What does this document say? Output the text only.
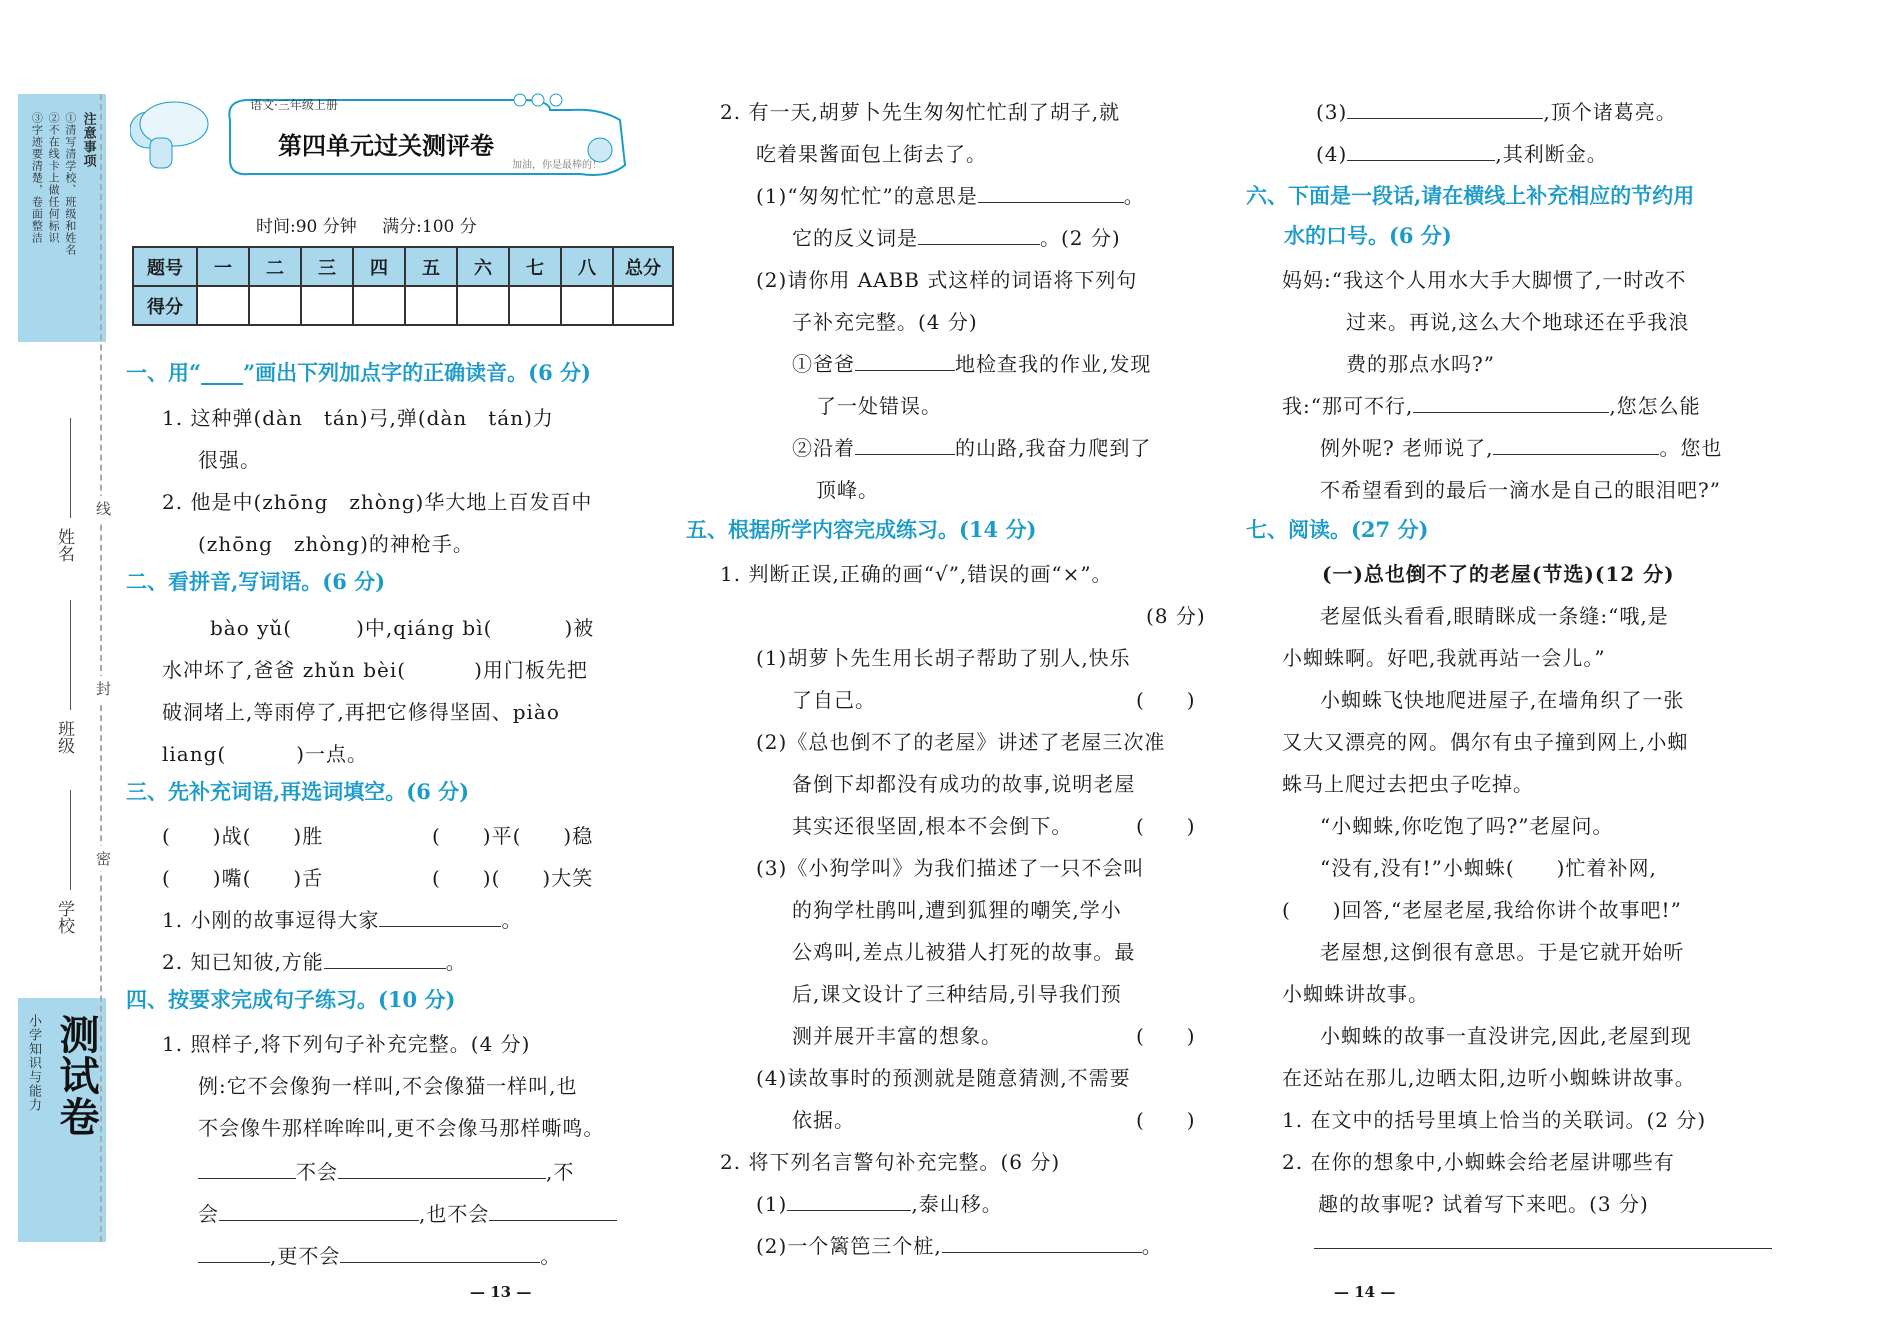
注意事项
①清写清学校、班级和姓名
②不在线卡上做任何标识
③字迹要清楚，卷面整洁
小学知识与能力 测试卷
姓名
班级
学校
线
封
密
语文·三年级上册
第四单元过关测评卷
加油，你是最棒的！
时间:90 分钟 满分:100 分
题号	一	二	三	四	五	六	七	八	总分
得分									
一、用“____”画出下列加点字的正确读音。(6 分)
1. 这种弹(dàn　tán)弓,弹(dàn　tán)力
很强。
2. 他是中(zhōng　zhòng)华大地上百发百中
(zhōng　zhòng)的神枪手。
二、看拼音,写词语。(6 分)
bào yǔ(	)中,qiáng bì(	)被
水冲坏了,爸爸 zhǔn bèi(	)用门板先把
破洞堵上,等雨停了,再把它修得坚固、piào
liang(	)一点。
三、先补充词语,再选词填空。(6 分)
(　　)战(　　)胜	(　　)平(　　)稳
(　　)嘴(　　)舌	(　　)(　　)大笑
1. 小刚的故事逗得大家	。
2. 知已知彼,方能	。
四、按要求完成句子练习。(10 分)
1. 照样子,将下列句子补充完整。(4 分)
例:它不会像狗一样叫,不会像猫一样叫,也
不会像牛那样哞哞叫,更不会像马那样嘶鸣。
不会	,不
会	,也不会
,更不会	。
— 13 —
2. 有一天,胡萝卜先生匆匆忙忙刮了胡子,就
吃着果酱面包上街去了。
(1)“匆匆忙忙”的意思是	。
它的反义词是	。(2 分)
(2)请你用 AABB 式这样的词语将下列句
子补充完整。(4 分)
①爸爸	地检查我的作业,发现
了一处错误。
②沿着	的山路,我奋力爬到了
顶峰。
五、根据所学内容完成练习。(14 分)
1. 判断正误,正确的画“√”,错误的画“×”。
(8 分)
(1)胡萝卜先生用长胡子帮助了别人,快乐
了自己。	(　　)
(2)《总也倒不了的老屋》讲述了老屋三次准
备倒下却都没有成功的故事,说明老屋
其实还很坚固,根本不会倒下。	(　　)
(3)《小狗学叫》为我们描述了一只不会叫
的狗学杜鹃叫,遭到狐狸的嘲笑,学小
公鸡叫,差点儿被猎人打死的故事。最
后,课文设计了三种结局,引导我们预
测并展开丰富的想象。	(　　)
(4)读故事时的预测就是随意猜测,不需要
依据。	(　　)
2. 将下列名言警句补充完整。(6 分)
(1)	,泰山移。
(2)一个篱笆三个桩,	。
(3)	,顶个诸葛亮。
(4)	,其利断金。
六、下面是一段话,请在横线上补充相应的节约用
水的口号。(6 分)
妈妈:“我这个人用水大手大脚惯了,一时改不
过来。再说,这么大个地球还在乎我浪
费的那点水吗?”
我:“那可不行,	,您怎么能
例外呢? 老师说了,	。您也
不希望看到的最后一滴水是自己的眼泪吧?”
七、阅读。(27 分)
(一)总也倒不了的老屋(节选)(12 分)
老屋低头看看,眼睛眯成一条缝:“哦,是
小蜘蛛啊。好吧,我就再站一会儿。”
小蜘蛛飞快地爬进屋子,在墙角织了一张
又大又漂亮的网。偶尔有虫子撞到网上,小蜘
蛛马上爬过去把虫子吃掉。
“小蜘蛛,你吃饱了吗?”老屋问。
“没有,没有!”小蜘蛛(　　)忙着补网,
(　　)回答,“老屋老屋,我给你讲个故事吧!”
老屋想,这倒很有意思。于是它就开始听
小蜘蛛讲故事。
小蜘蛛的故事一直没讲完,因此,老屋到现
在还站在那儿,边晒太阳,边听小蜘蛛讲故事。
1. 在文中的括号里填上恰当的关联词。(2 分)
2. 在你的想象中,小蜘蛛会给老屋讲哪些有
趣的故事呢? 试着写下来吧。(3 分)
— 14 —
